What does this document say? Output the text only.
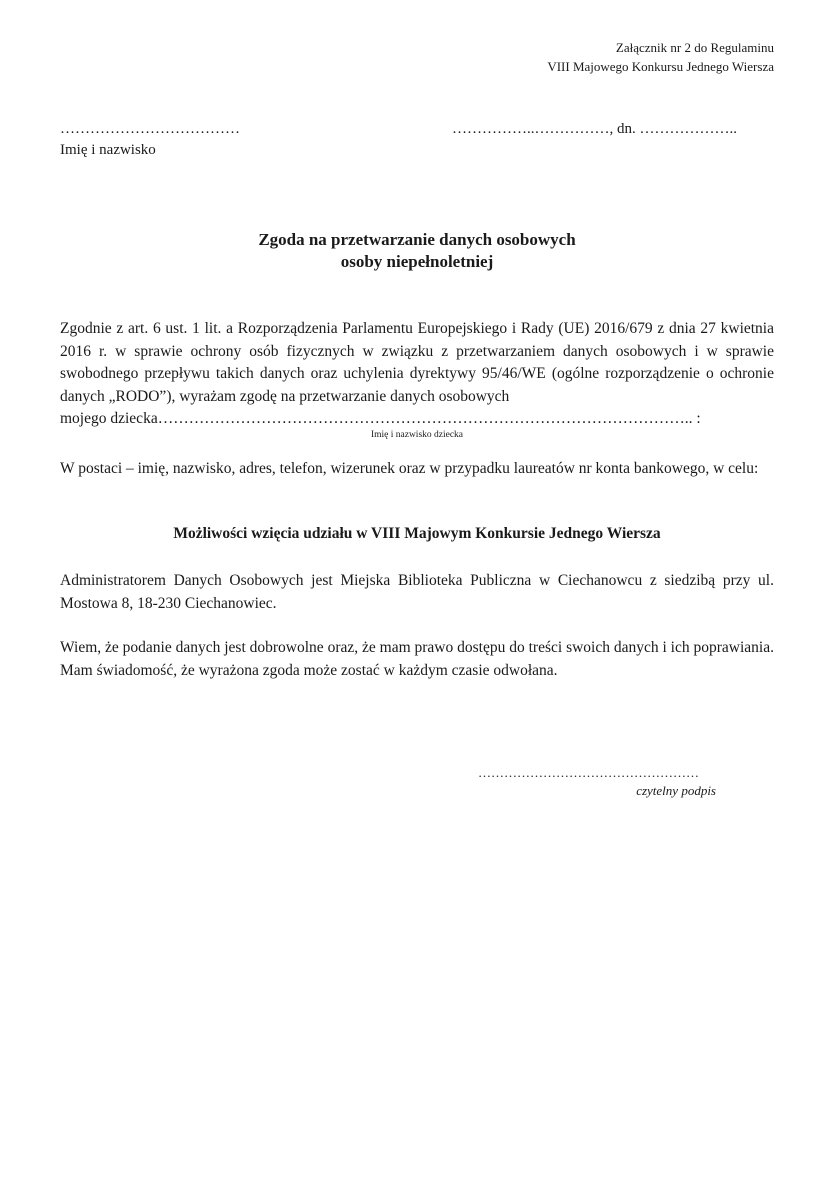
Załącznik nr 2 do Regulaminu
VIII Majowego Konkursu Jednego Wiersza
………………………………
Imię i nazwisko
……………..……………, dn. ………………..
Zgoda na przetwarzanie danych osobowych
osoby niepełnoletniej
Zgodnie z art. 6 ust. 1 lit. a Rozporządzenia Parlamentu Europejskiego i Rady (UE) 2016/679 z dnia 27 kwietnia 2016 r. w sprawie ochrony osób fizycznych w związku z przetwarzaniem danych osobowych i w sprawie swobodnego przepływu takich danych oraz uchylenia dyrektywy 95/46/WE (ogólne rozporządzenie o ochronie danych „RODO”), wyrażam zgodę na przetwarzanie danych osobowych
mojego dziecka………………………………………………………………………………………….. :
Imię i nazwisko dziecka
W postaci – imię, nazwisko, adres, telefon, wizerunek oraz w przypadku laureatów nr konta bankowego, w celu:
Możliwości wzięcia udziału w VIII Majowym Konkursie Jednego Wiersza
Administratorem Danych Osobowych jest Miejska Biblioteka Publiczna w Ciechanowcu z siedzibą przy ul. Mostowa 8, 18-230 Ciechanowiec.
Wiem, że podanie danych jest dobrowolne oraz, że mam prawo dostępu do treści swoich danych i ich poprawiania. Mam świadomość, że wyrażona zgoda może zostać w każdym czasie odwołana.
……………………………………………
czytelny podpis
